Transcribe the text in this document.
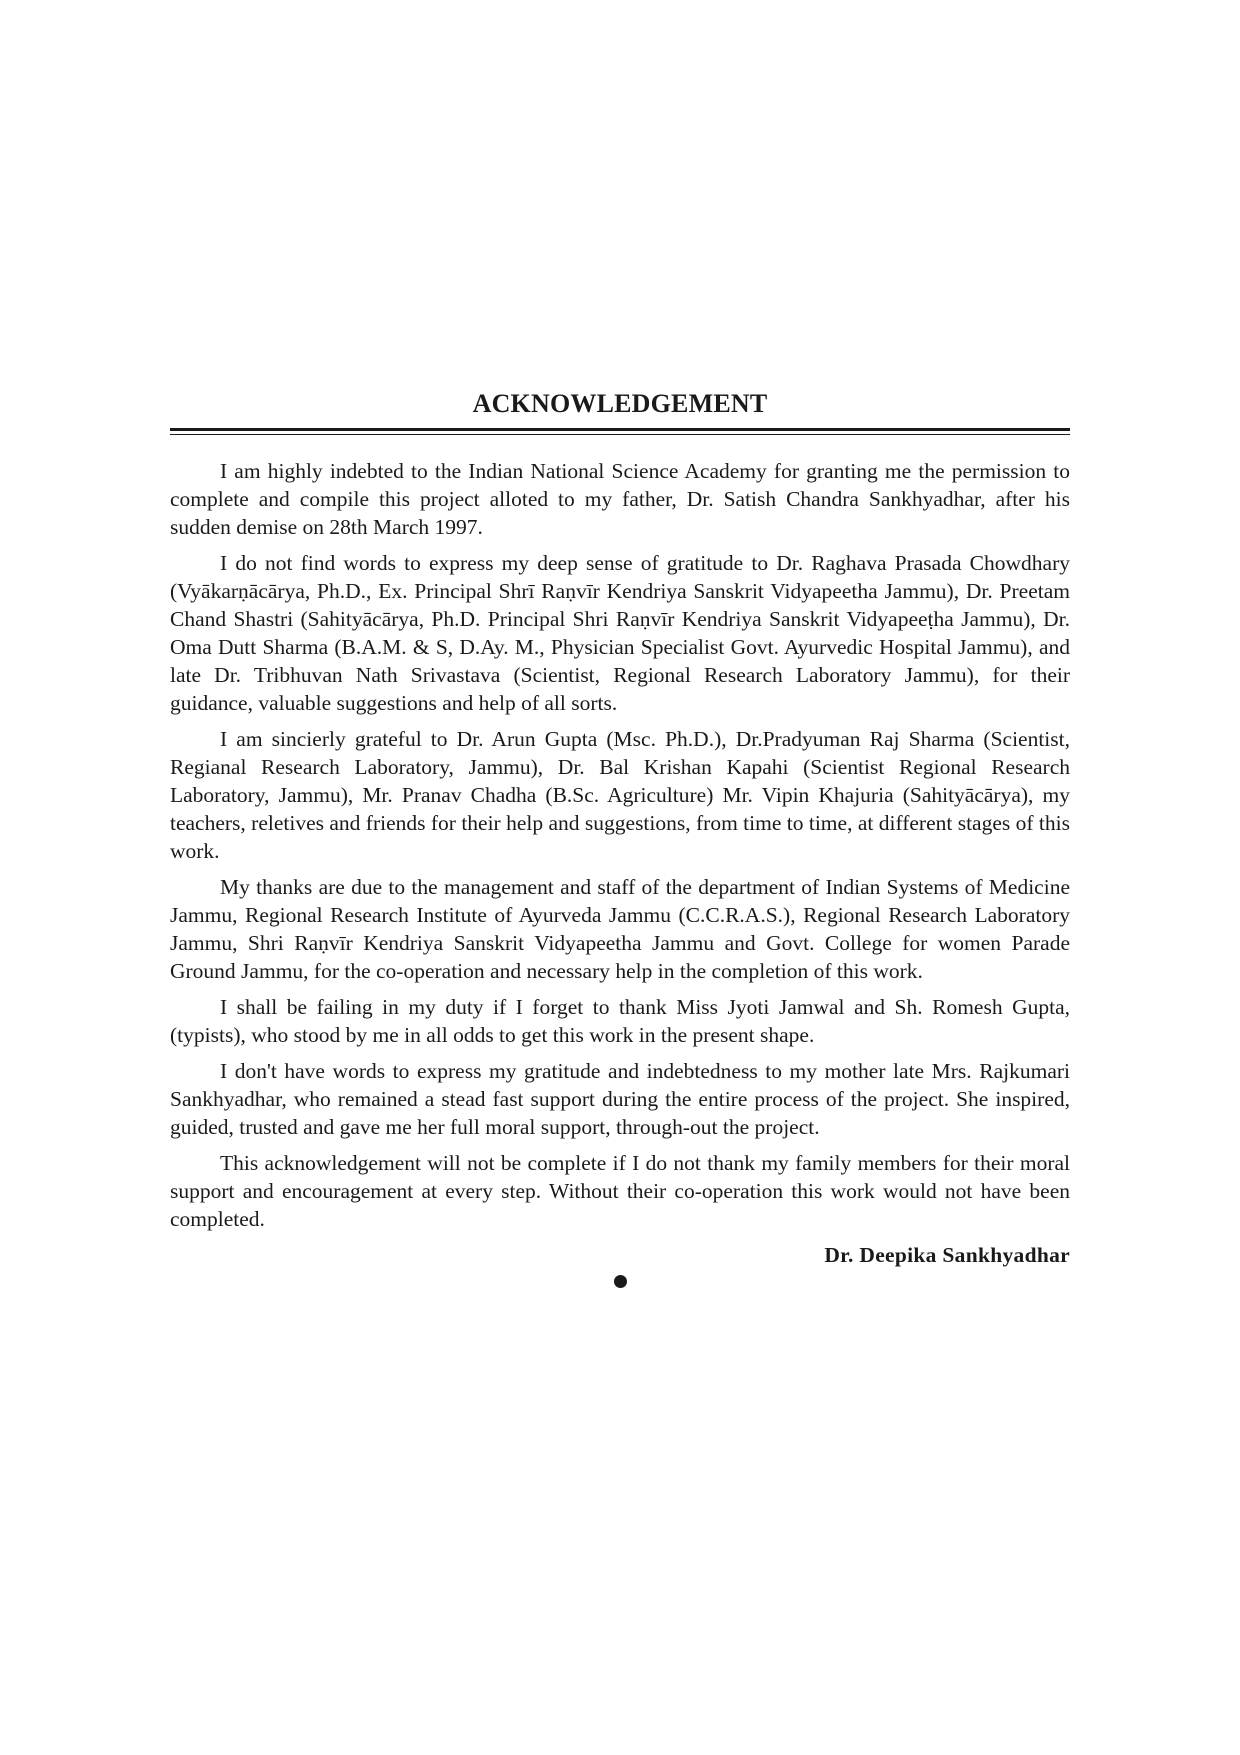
ACKNOWLEDGEMENT

I am highly indebted to the Indian National Science Academy for granting me the permission to complete and compile this project alloted to my father, Dr. Satish Chandra Sankhyadhar, after his sudden demise on 28th March 1997.

I do not find words to express my deep sense of gratitude to Dr. Raghava Prasada Chowdhary (Vyākarṇācārya, Ph.D., Ex. Principal Shrī Raṇvīr Kendriya Sanskrit Vidyapeetha Jammu), Dr. Preetam Chand Shastri (Sahityācārya, Ph.D. Principal Shri Raṇvīr Kendriya Sanskrit Vidyapeeṭha Jammu), Dr. Oma Dutt Sharma (B.A.M. & S, D.Ay. M., Physician Specialist Govt. Ayurvedic Hospital Jammu), and late Dr. Tribhuvan Nath Srivastava (Scientist, Regional Research Laboratory Jammu), for their guidance, valuable suggestions and help of all sorts.

I am sincierly grateful to Dr. Arun Gupta (Msc. Ph.D.), Dr.Pradyuman Raj Sharma (Scientist, Regianal Research Laboratory, Jammu), Dr. Bal Krishan Kapahi (Scientist Regional Research Laboratory, Jammu), Mr. Pranav Chadha (B.Sc. Agriculture) Mr. Vipin Khajuria (Sahityācārya), my teachers, reletives and friends for their help and suggestions, from time to time, at different stages of this work.

My thanks are due to the management and staff of the department of Indian Systems of Medicine Jammu, Regional Research Institute of Ayurveda Jammu (C.C.R.A.S.), Regional Research Laboratory Jammu, Shri Raṇvīr Kendriya Sanskrit Vidyapeetha Jammu and Govt. College for women Parade Ground Jammu, for the co-operation and necessary help in the completion of this work.

I shall be failing in my duty if I forget to thank Miss Jyoti Jamwal and Sh. Romesh Gupta, (typists), who stood by me in all odds to get this work in the present shape.

I don't have words to express my gratitude and indebtedness to my mother late Mrs. Rajkumari Sankhyadhar, who remained a stead fast support during the entire process of the project. She inspired, guided, trusted and gave me her full moral support, through-out the project.

This acknowledgement will not be complete if I do not thank my family members for their moral support and encouragement at every step. Without their co-operation this work would not have been completed.

Dr. Deepika Sankhyadhar
